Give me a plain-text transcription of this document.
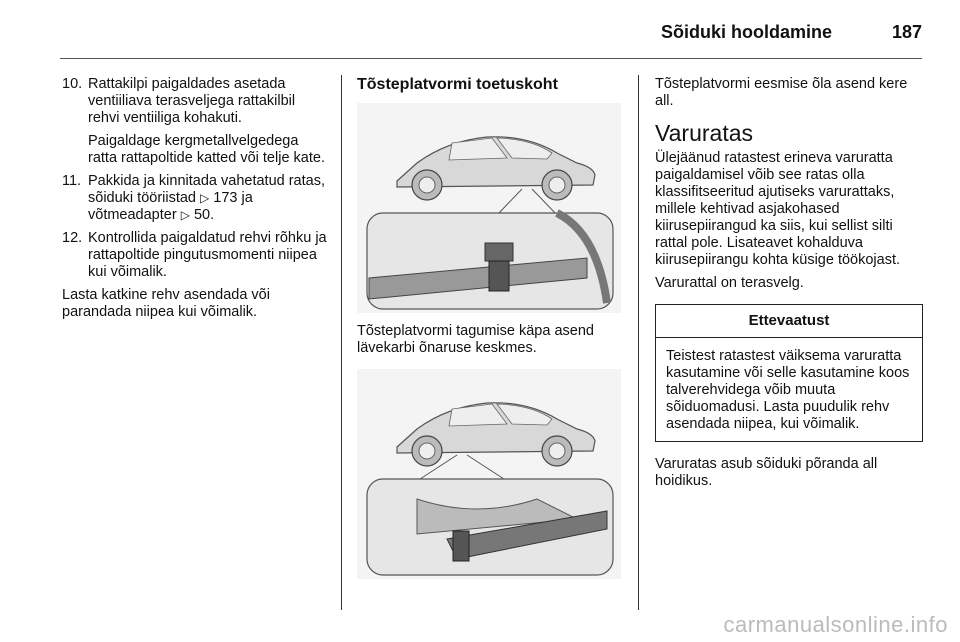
Sõiduki hooldamine	187
10. Rattakilpi paigaldades asetada ventiiliava terasveljega rattakilbil rehvi ventiiliga kohakuti.

Paigaldage kergmetallvelgedega ratta rattapoltide katted või telje kate.

11. Pakkida ja kinnitada vahetatud ratas, sõiduki tööriistad ▷ 173 ja võtmeadapter ▷ 50.

12. Kontrollida paigaldatud rehvi rõhku ja rattapoltide pingutusmomenti niipea kui võimalik.

Lasta katkine rehv asendada või parandada niipea kui võimalik.

Tõsteplatvormi toetuskoht

Tõsteplatvormi tagumise käpa asend lävekarbi õnaruse keskmes.

Tõsteplatvormi eesmise õla asend kere all.

Varuratas

Ülejäänud ratastest erineva varuratta paigaldamisel võib see ratas olla klassifitseeritud ajutiseks varurattaks, millele kehtivad asjakohased kiirusepiirangud ka siis, kui sellist silti rattal pole. Lisateavet kohalduva kiirusepiirangu kohta küsige töökojast.

Varurattal on terasvelg.

Ettevaatust
Teistest ratastest väiksema varuratta kasutamine või selle kasutamine koos talverehvidega võib muuta sõiduomadusi. Lasta puudulik rehv asendada niipea, kui võimalik.

Varuratas asub sõiduki põranda all hoidikus.

carmanualsonline.info
